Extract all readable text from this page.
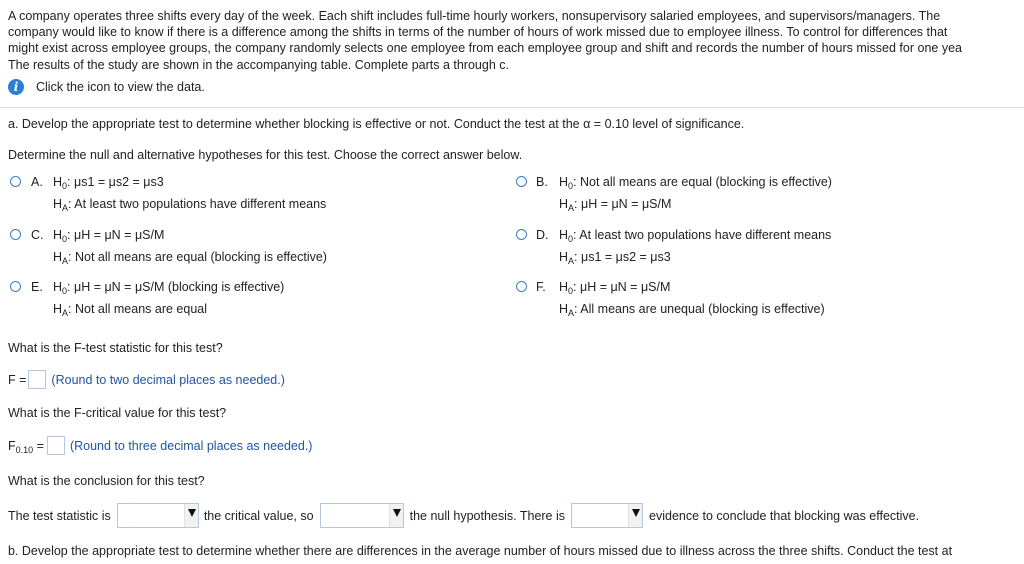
A company operates three shifts every day of the week. Each shift includes full-time hourly workers, nonsupervisory salaried employees, and supervisors/managers. The
company would like to know if there is a difference among the shifts in terms of the number of hours of work missed due to employee illness. To control for differences that
might exist across employee groups, the company randomly selects one employee from each employee group and shift and records the number of hours missed for one yea
The results of the study are shown in the accompanying table. Complete parts a through c.
i	Click the icon to view the data.
a. Develop the appropriate test to determine whether blocking is effective or not. Conduct the test at the α = 0.10 level of significance.
Determine the null and alternative hypotheses for this test. Choose the correct answer below.
A. $H_0$: μs1 = μs2 = μs3
$H_A$: At least two populations have different means
B. $H_0$: Not all means are equal (blocking is effective)
$H_A$: μH = μN = μS/M
C. $H_0$: μH = μN = μS/M
$H_A$: Not all means are equal (blocking is effective)
D. $H_0$: At least two populations have different means
$H_A$: μs1 = μs2 = μs3
E. $H_0$: μH = μN = μS/M (blocking is effective)
$H_A$: Not all means are equal
F. $H_0$: μH = μN = μS/M
$H_A$: All means are unequal (blocking is effective)
What is the F-test statistic for this test?
F = (Round to two decimal places as needed.)
What is the F-critical value for this test?
$F_{0.10}$ = (Round to three decimal places as needed.)
What is the conclusion for this test?
The test statistic is	the critical value, so	the null hypothesis. There is	evidence to conclude that blocking was effective.
b. Develop the appropriate test to determine whether there are differences in the average number of hours missed due to illness across the three shifts. Conduct the test at
